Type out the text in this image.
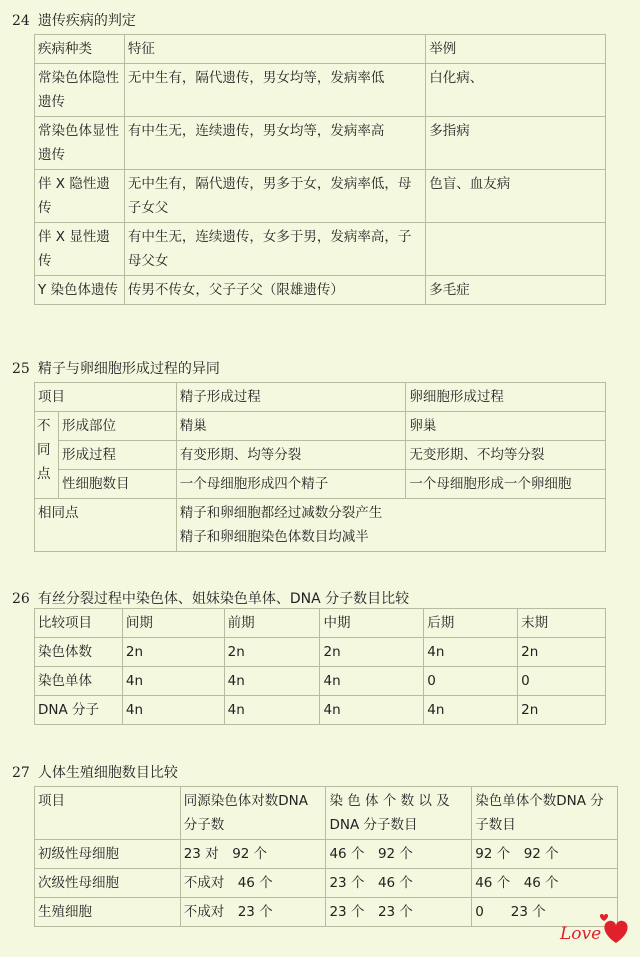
24 遗传疾病的判定
疾病种类	特征	举例
常染色体隐性遗传	无中生有，隔代遗传，男女均等，发病率低	白化病、
常染色体显性遗传	有中生无，连续遗传，男女均等，发病率高	多指病
伴 X 隐性遗传	无中生有，隔代遗传，男多于女，发病率低，母子女父	色盲、血友病
伴 X 显性遗传	有中生无，连续遗传，女多于男，发病率高，子母父女	
Y 染色体遗传	传男不传女，父子子父（限雄遗传）	多毛症
25 精子与卵细胞形成过程的异同
项目		精子形成过程	卵细胞形成过程
不同点	形成部位	精巢	卵巢
	形成过程	有变形期、均等分裂	无变形期、不均等分裂
	性细胞数目	一个母细胞形成四个精子	一个母细胞形成一个卵细胞
相同点		精子和卵细胞都经过减数分裂产生
精子和卵细胞染色体数目均减半	
26 有丝分裂过程中染色体、姐妹染色单体、DNA 分子数目比较
比较项目	间期	前期	中期	后期	末期
染色体数	2n	2n	2n	4n	2n
染色单体	4n	4n	4n	0	0
DNA 分子	4n	4n	4n	4n	2n
27 人体生殖细胞数目比较
项目	同源染色体对数DNA 分子数	染 色 体 个 数 以 及DNA 分子数目	染色单体个数DNA 分子数目
初级性母细胞	23 对　92 个	46 个　92 个	92 个　92 个
次级性母细胞	不成对　46 个	23 个　46 个	46 个　46 个
生殖细胞	不成对　23 个	23 个　23 个	0　　23 个
Love
